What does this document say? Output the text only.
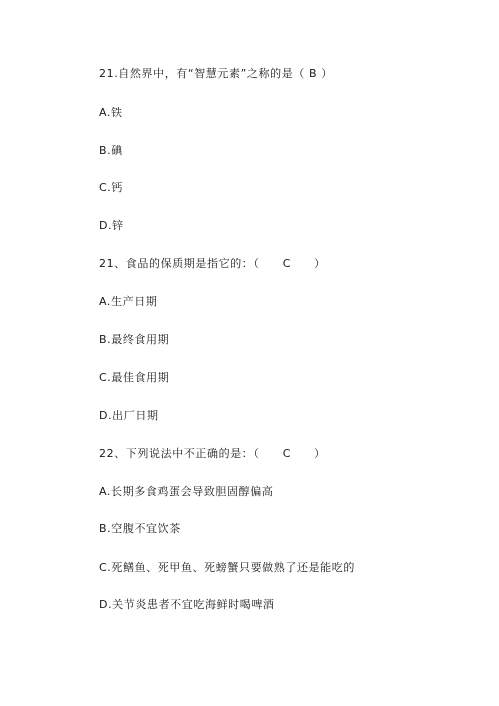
21.自然界中，有“智慧元素”之称的是（ B ）
A.铁
B.碘
C.钙
D.锌
21、食品的保质期是指它的：（　　C　　）
A.生产日期
B.最终食用期
C.最佳食用期
D.出厂日期
22、下列说法中不正确的是：（　　C　　）
A.长期多食鸡蛋会导致胆固醇偏高
B.空腹不宜饮茶
C.死鳝鱼、死甲鱼、死螃蟹只要做熟了还是能吃的
D.关节炎患者不宜吃海鲜时喝啤酒
